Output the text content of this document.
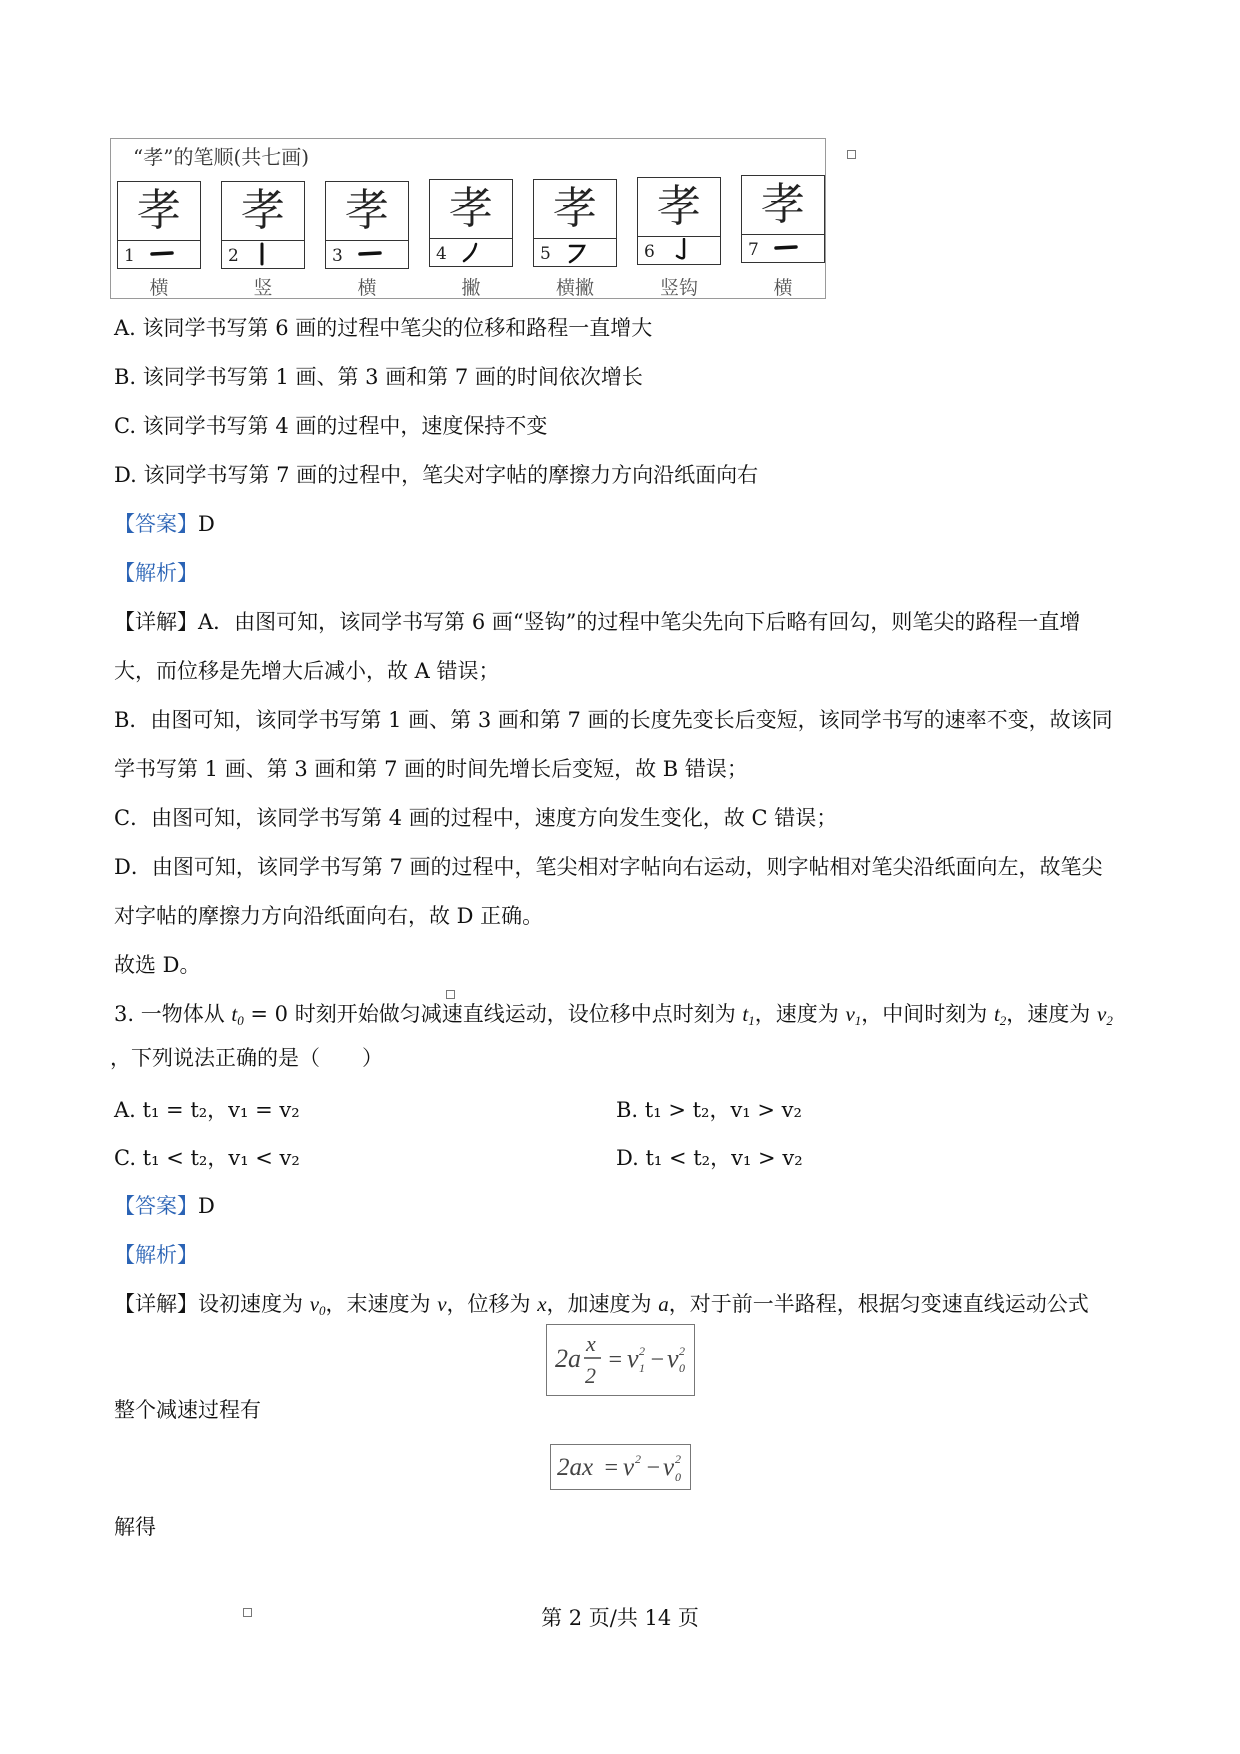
“孝”的笔顺(共七画)
孝
1
横
孝
2
竖
孝
3
横
孝
4
撇
孝
5
横撇
孝
6
竖钩
孝
7
横
A. 该同学书写第 6 画的过程中笔尖的位移和路程一直增大
B. 该同学书写第 1 画、第 3 画和第 7 画的时间依次增长
C. 该同学书写第 4 画的过程中，速度保持不变
D. 该同学书写第 7 画的过程中，笔尖对字帖的摩擦力方向沿纸面向右
【答案】D
【解析】
【详解】A．由图可知，该同学书写第 6 画“竖钩”的过程中笔尖先向下后略有回勾，则笔尖的路程一直增
大，而位移是先增大后减小，故 A 错误；
B．由图可知，该同学书写第 1 画、第 3 画和第 7 画的长度先变长后变短，该同学书写的速率不变，故该同
学书写第 1 画、第 3 画和第 7 画的时间先增长后变短，故 B 错误；
C．由图可知，该同学书写第 4 画的过程中，速度方向发生变化，故 C 错误；
D．由图可知，该同学书写第 7 画的过程中，笔尖相对字帖向右运动，则字帖相对笔尖沿纸面向左，故笔尖
对字帖的摩擦力方向沿纸面向右，故 D 正确。
故选 D。
3. 一物体从 $t_0 = 0$ 时刻开始做匀减速直线运动，设位移中点时刻为 $t_1$，速度为 $v_1$，中间时刻为 $t_2$，速度为 $v_2$
，下列说法正确的是（　　）
A. t₁ = t₂，v₁ = v₂	B. t₁ > t₂，v₁ > v₂
C. t₁ < t₂，v₁ < v₂	D. t₁ < t₂，v₁ > v₂
【答案】D
【解析】
【详解】设初速度为 $v_0$，末速度为 v，位移为 x，加速度为 a，对于前一半路程，根据匀变速直线运动公式
2a
x
2
= v 2
1 − v 2
0
整个减速过程有
2ax = v 2 − v 2
0
解得
第 2 页/共 14 页
